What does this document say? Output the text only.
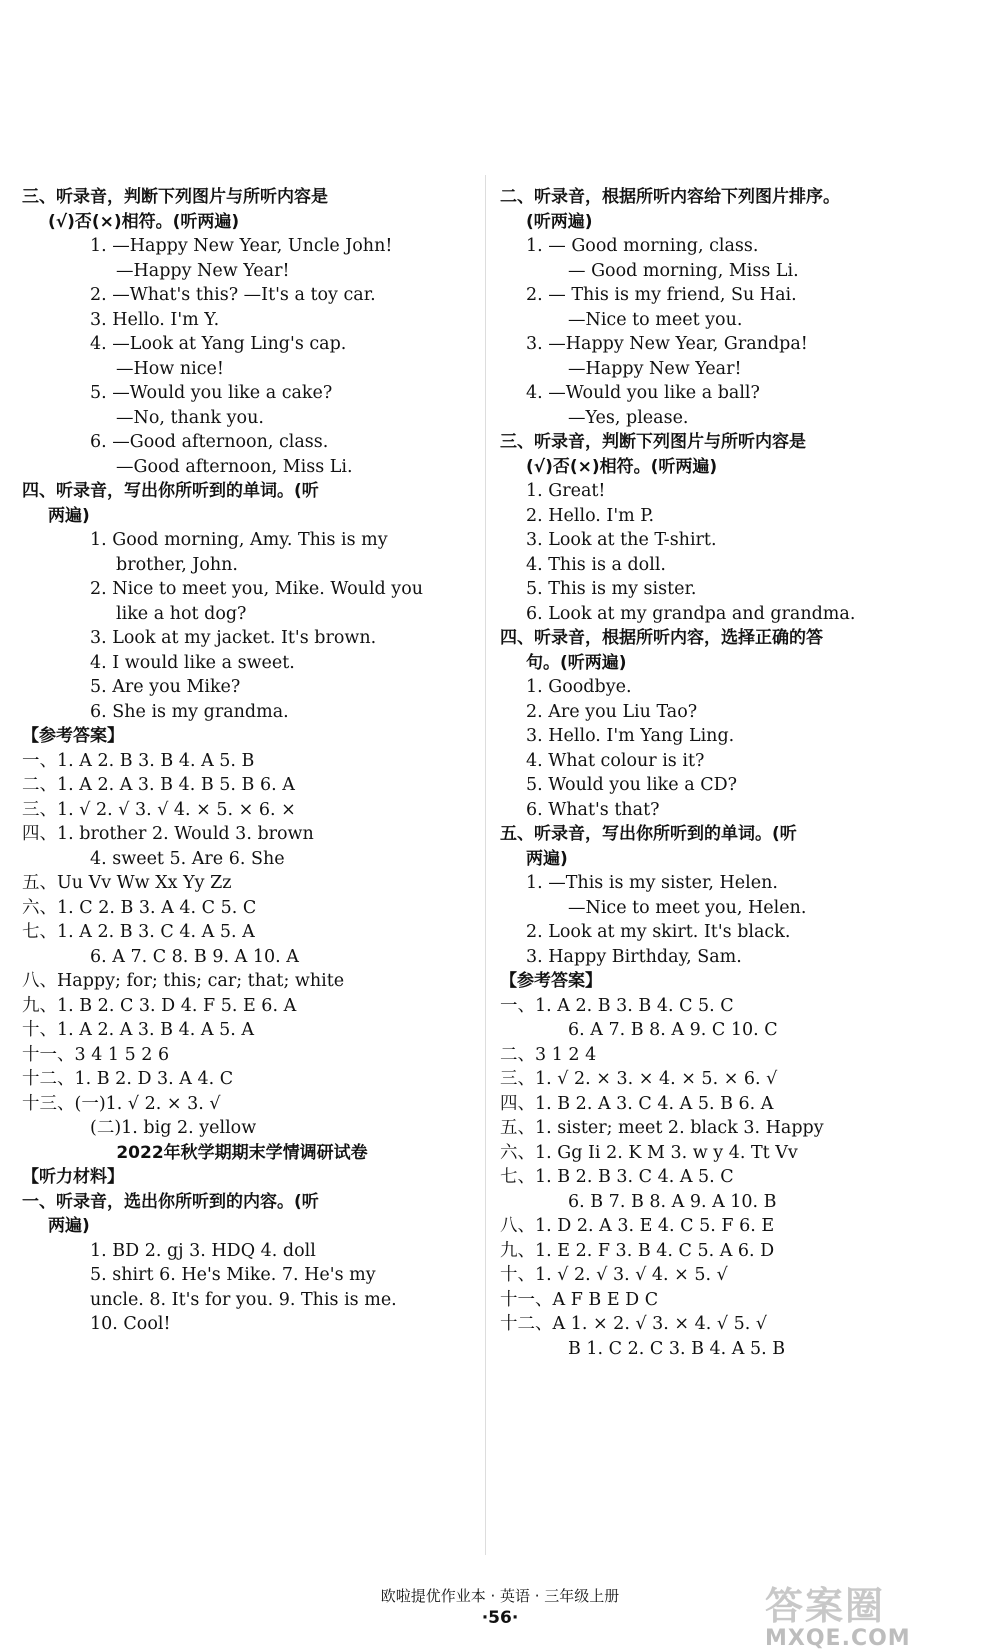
三、听录音，判断下列图片与所听内容是
(√)否(×)相符。(听两遍)
1. —Happy New Year, Uncle John!
—Happy New Year!
2. —What's this? —It's a toy car.
3. Hello. I'm Y.
4. —Look at Yang Ling's cap.
—How nice!
5. —Would you like a cake?
—No, thank you.
6. —Good afternoon, class.
—Good afternoon, Miss Li.
四、听录音，写出你所听到的单词。(听
两遍)
1. Good morning, Amy. This is my
brother, John.
2. Nice to meet you, Mike. Would you
like a hot dog?
3. Look at my jacket. It's brown.
4. I would like a sweet.
5. Are you Mike?
6. She is my grandma.
【参考答案】
一、1. A 2. B 3. B 4. A 5. B
二、1. A 2. A 3. B 4. B 5. B 6. A
三、1. √ 2. √ 3. √ 4. × 5. × 6. ×
四、1. brother 2. Would 3. brown
4. sweet 5. Are 6. She
五、Uu Vv Ww Xx Yy Zz
六、1. C 2. B 3. A 4. C 5. C
七、1. A 2. B 3. C 4. A 5. A
6. A 7. C 8. B 9. A 10. A
八、Happy; for; this; car; that; white
九、1. B 2. C 3. D 4. F 5. E 6. A
十、1. A 2. A 3. B 4. A 5. A
十一、3 4 1 5 2 6
十二、1. B 2. D 3. A 4. C
十三、(一)1. √ 2. × 3. √
(二)1. big 2. yellow
2022年秋学期期末学情调研试卷
【听力材料】
一、听录音，选出你所听到的内容。(听
两遍)
1. BD 2. gj 3. HDQ 4. doll
5. shirt 6. He's Mike. 7. He's my
uncle. 8. It's for you. 9. This is me.
10. Cool!
二、听录音，根据所听内容给下列图片排序。
(听两遍)
1. — Good morning, class.
— Good morning, Miss Li.
2. — This is my friend, Su Hai.
—Nice to meet you.
3. —Happy New Year, Grandpa!
—Happy New Year!
4. —Would you like a ball?
—Yes, please.
三、听录音，判断下列图片与所听内容是
(√)否(×)相符。(听两遍)
1. Great!
2. Hello. I'm P.
3. Look at the T-shirt.
4. This is a doll.
5. This is my sister.
6. Look at my grandpa and grandma.
四、听录音，根据所听内容，选择正确的答
句。(听两遍)
1. Goodbye.
2. Are you Liu Tao?
3. Hello. I'm Yang Ling.
4. What colour is it?
5. Would you like a CD?
6. What's that?
五、听录音，写出你所听到的单词。(听
两遍)
1. —This is my sister, Helen.
—Nice to meet you, Helen.
2. Look at my skirt. It's black.
3. Happy Birthday, Sam.
【参考答案】
一、1. A 2. B 3. B 4. C 5. C
6. A 7. B 8. A 9. C 10. C
二、3 1 2 4
三、1. √ 2. × 3. × 4. × 5. × 6. √
四、1. B 2. A 3. C 4. A 5. B 6. A
五、1. sister; meet 2. black 3. Happy
六、1. Gg Ii 2. K M 3. w y 4. Tt Vv
七、1. B 2. B 3. C 4. A 5. C
6. B 7. B 8. A 9. A 10. B
八、1. D 2. A 3. E 4. C 5. F 6. E
九、1. E 2. F 3. B 4. C 5. A 6. D
十、1. √ 2. √ 3. √ 4. × 5. √
十一、A F B E D C
十二、A 1. × 2. √ 3. × 4. √ 5. √
B 1. C 2. C 3. B 4. A 5. B
欧啦提优作业本 · 英语 · 三年级上册
·56·	答案圈
MXQE.COM
